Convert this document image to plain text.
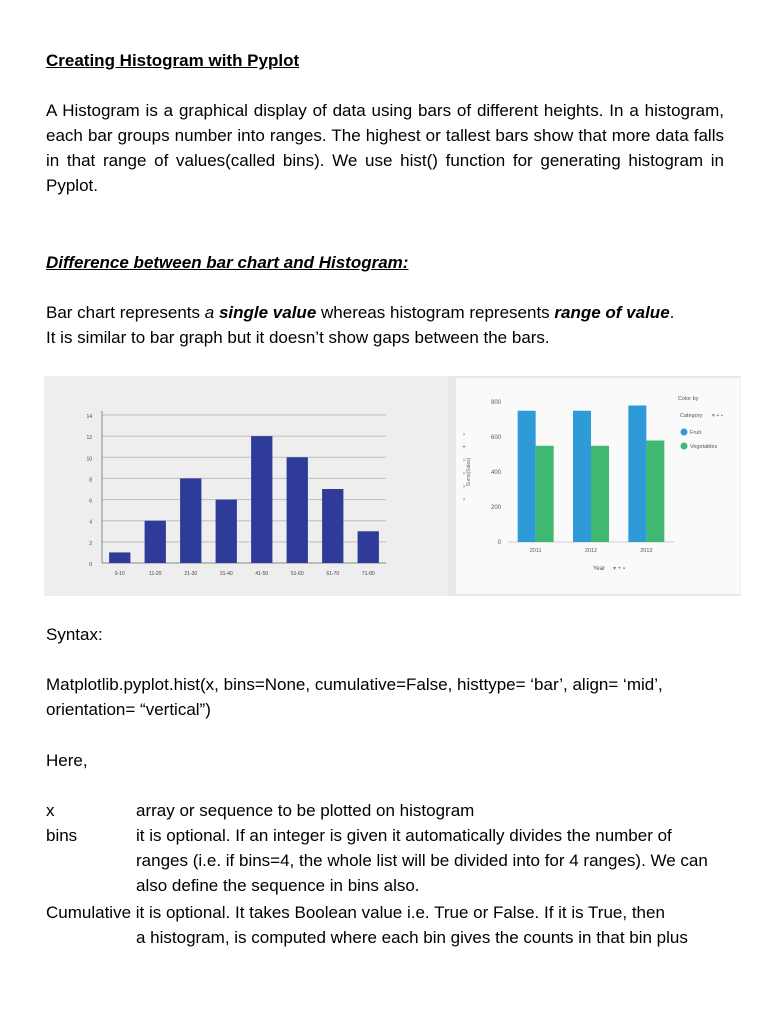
Creating Histogram with Pyplot
A Histogram is a graphical display of data using bars of different heights. In a histogram, each bar groups number into ranges. The highest or tallest bars show that more data falls in that range of values(called bins). We use hist() function for generating histogram in Pyplot.
Difference between bar chart and Histogram:
Bar chart represents a single value whereas histogram represents range of value.
It is similar to bar graph but it doesn’t show gaps between the bars.
Syntax:
Matplotlib.pyplot.hist(x, bins=None, cumulative=False, histtype= ‘bar’, align= ‘mid’, orientation= “vertical”)
Here,
x	array or sequence to be plotted on histogram
bins	it is optional. If an integer is given it automatically divides the number of ranges (i.e. if bins=4, the whole list will be divided into for 4 ranges). We can also define the sequence in bins also.
Cumulative it is optional. It takes Boolean value i.e. True or False. If it is True, then
a histogram, is computed where each bin gives the counts in that bin plus
0
2
4
6
8
10
12
14
0-10	11-20	21-30	31-40	41-50	51-60	61-70	71-80
0
200
400
600
800
Sums(Sales)
›
+
›
›
›
›
2011	2012	2013
Year ▾ + ▪
Color by
Category ▾ + ▪
Fruit
Vegetables
